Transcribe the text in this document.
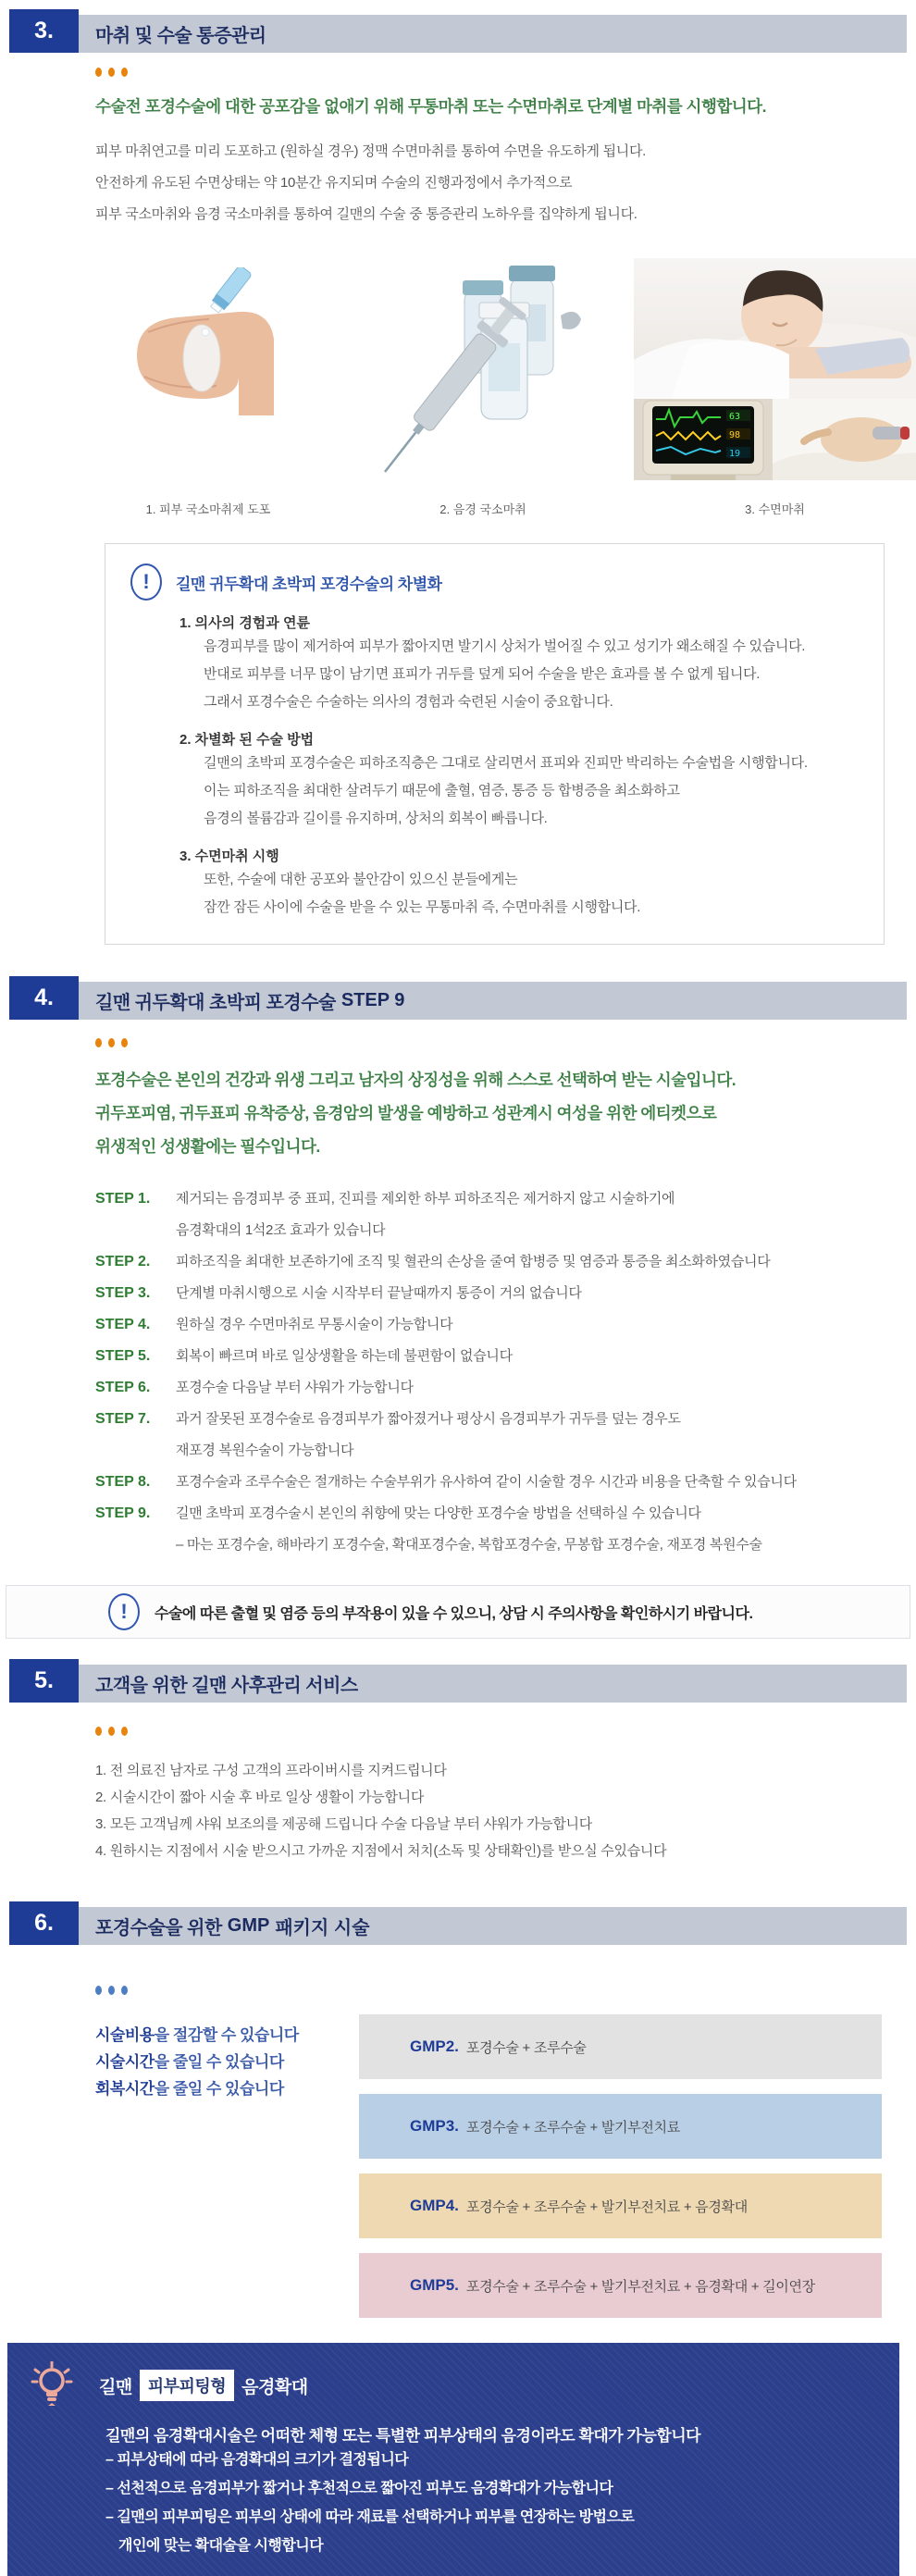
3.	마취 및 수술 통증관리
수술전 포경수술에 대한 공포감을 없애기 위해 무통마취 또는 수면마취로 단계별 마취를 시행합니다.
피부 마취연고를 미리 도포하고 (원하실 경우) 정맥 수면마취를 통하여 수면을 유도하게 됩니다.
안전하게 유도된 수면상태는 약 10분간 유지되며 수술의 진행과정에서 추가적으로
피부 국소마취와 음경 국소마취를 통하여 길맨의 수술 중 통증관리 노하우를 집약하게 됩니다.
63
98
19
1. 피부 국소마취제 도포	2. 음경 국소마취	3. 수면마취
!	길맨 귀두확대 초박피 포경수술의 차별화
1. 의사의 경험과 연륜
음경피부를 많이 제거하여 피부가 짧아지면 발기시 상처가 벌어질 수 있고 성기가 왜소해질 수 있습니다.
반대로 피부를 너무 많이 남기면 표피가 귀두를 덮게 되어 수술을 받은 효과를 볼 수 없게 됩니다.
그래서 포경수술은 수술하는 의사의 경험과 숙련된 시술이 중요합니다.
2. 차별화 된 수술 방법
길맨의 초박피 포경수술은 피하조직층은 그대로 살리면서 표피와 진피만 박리하는 수술법을 시행합니다.
이는 피하조직을 최대한 살려두기 때문에 출혈, 염증, 통증 등 합병증을 최소화하고
음경의 볼륨감과 길이를 유지하며, 상처의 회복이 빠릅니다.
3. 수면마취 시행
또한, 수술에 대한 공포와 불안감이 있으신 분들에게는
잠깐 잠든 사이에 수술을 받을 수 있는 무통마취 즉, 수면마취를 시행합니다.
4.	길맨 귀두확대 초박피 포경수술 STEP 9
포경수술은 본인의 건강과 위생 그리고 남자의 상징성을 위해 스스로 선택하여 받는 시술입니다.
귀두포피염, 귀두표피 유착증상, 음경암의 발생을 예방하고 성관계시 여성을 위한 에티켓으로
위생적인 성생활에는 필수입니다.
STEP 1.	제거되는 음경피부 중 표피, 진피를 제외한 하부 피하조직은 제거하지 않고 시술하기에
음경확대의 1석2조 효과가 있습니다
STEP 2.	피하조직을 최대한 보존하기에 조직 및 혈관의 손상을 줄여 합병증 및 염증과 통증을 최소화하였습니다
STEP 3.	단계별 마취시행으로 시술 시작부터 끝날때까지 통증이 거의 없습니다
STEP 4.	원하실 경우 수면마취로 무통시술이 가능합니다
STEP 5.	회복이 빠르며 바로 일상생활을 하는데 불편함이 없습니다
STEP 6.	포경수술 다음날 부터 샤워가 가능합니다
STEP 7.	과거 잘못된 포경수술로 음경피부가 짧아졌거나 평상시 음경피부가 귀두를 덮는 경우도
재포경 복원수술이 가능합니다
STEP 8.	포경수술과 조루수술은 절개하는 수술부위가 유사하여 같이 시술할 경우 시간과 비용을 단축할 수 있습니다
STEP 9.	길맨 초박피 포경수술시 본인의 취향에 맞는 다양한 포경수술 방법을 선택하실 수 있습니다
– 마는 포경수술, 해바라기 포경수술, 확대포경수술, 복합포경수술, 무봉합 포경수술, 재포경 복원수술
!	수술에 따른 출혈 및 염증 등의 부작용이 있을 수 있으니, 상담 시 주의사항을 확인하시기 바랍니다.
5.	고객을 위한 길맨 사후관리 서비스
1. 전 의료진 남자로 구성 고객의 프라이버시를 지켜드립니다
2. 시술시간이 짧아 시술 후 바로 일상 생활이 가능합니다
3. 모든 고객님께 샤워 보조의를 제공해 드립니다 수술 다음날 부터 샤워가 가능합니다
4. 원하시는 지점에서 시술 받으시고 가까운 지점에서 처치(소독 및 상태확인)를 받으실 수있습니다
6.	포경수술을 위한 GMP 패키지 시술
시술비용을 절감할 수 있습니다
시술시간을 줄일 수 있습니다
회복시간을 줄일 수 있습니다
GMP2. 포경수술 + 조루수술
GMP3. 포경수술 + 조루수술 + 발기부전치료
GMP4. 포경수술 + 조루수술 + 발기부전치료 + 음경확대
GMP5. 포경수술 + 조루수술 + 발기부전치료 + 음경확대 + 길이연장
길맨 피부피팅형 음경확대
길맨의 음경확대시술은 어떠한 체형 또는 특별한 피부상태의 음경이라도 확대가 가능합니다
– 피부상태에 따라 음경확대의 크기가 결정됩니다
– 선천적으로 음경피부가 짧거나 후천적으로 짧아진 피부도 음경확대가 가능합니다
– 길맨의 피부피팅은 피부의 상태에 따라 재료를 선택하거나 피부를 연장하는 방법으로
개인에 맞는 확대술을 시행합니다
